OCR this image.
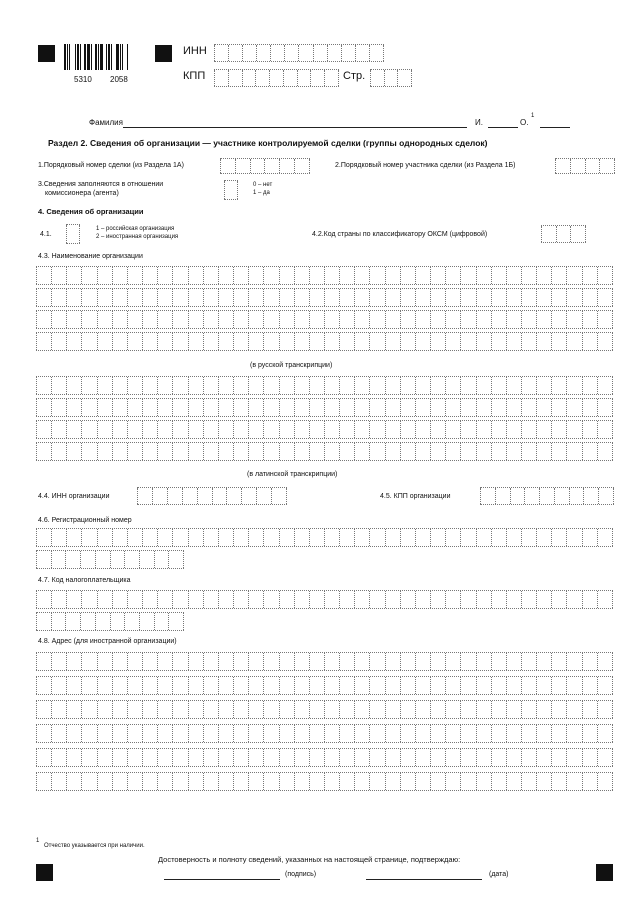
5310 2058
ИНН
КПП	Стр.
Фамилия	И.	О.
1
Раздел 2. Сведения об организации — участнике контролируемой сделки (группы однородных сделок)
1.Порядковый номер сделки (из Раздела 1А)	2.Порядковый номер участника сделки (из Раздела 1Б)
3.Сведения заполняются в отношении
комиссионера (агента)
0 – нет
1 – да
4. Сведения об организации
4.1.
1 – российская организация
2 – иностранная организация	4.2.Код страны по классификатору ОКСМ (цифровой)
4.3. Наименование организации
(в русской транскрипции)
(в латинской транскрипции)
4.4. ИНН организации	4.5. КПП организации
4.6. Регистрационный номер
4.7. Код налогоплательщика
4.8. Адрес (для иностранной организации)
1
Отчество указывается при наличии.
Достоверность и полноту сведений, указанных на настоящей странице, подтверждаю:
(подпись)	(дата)
